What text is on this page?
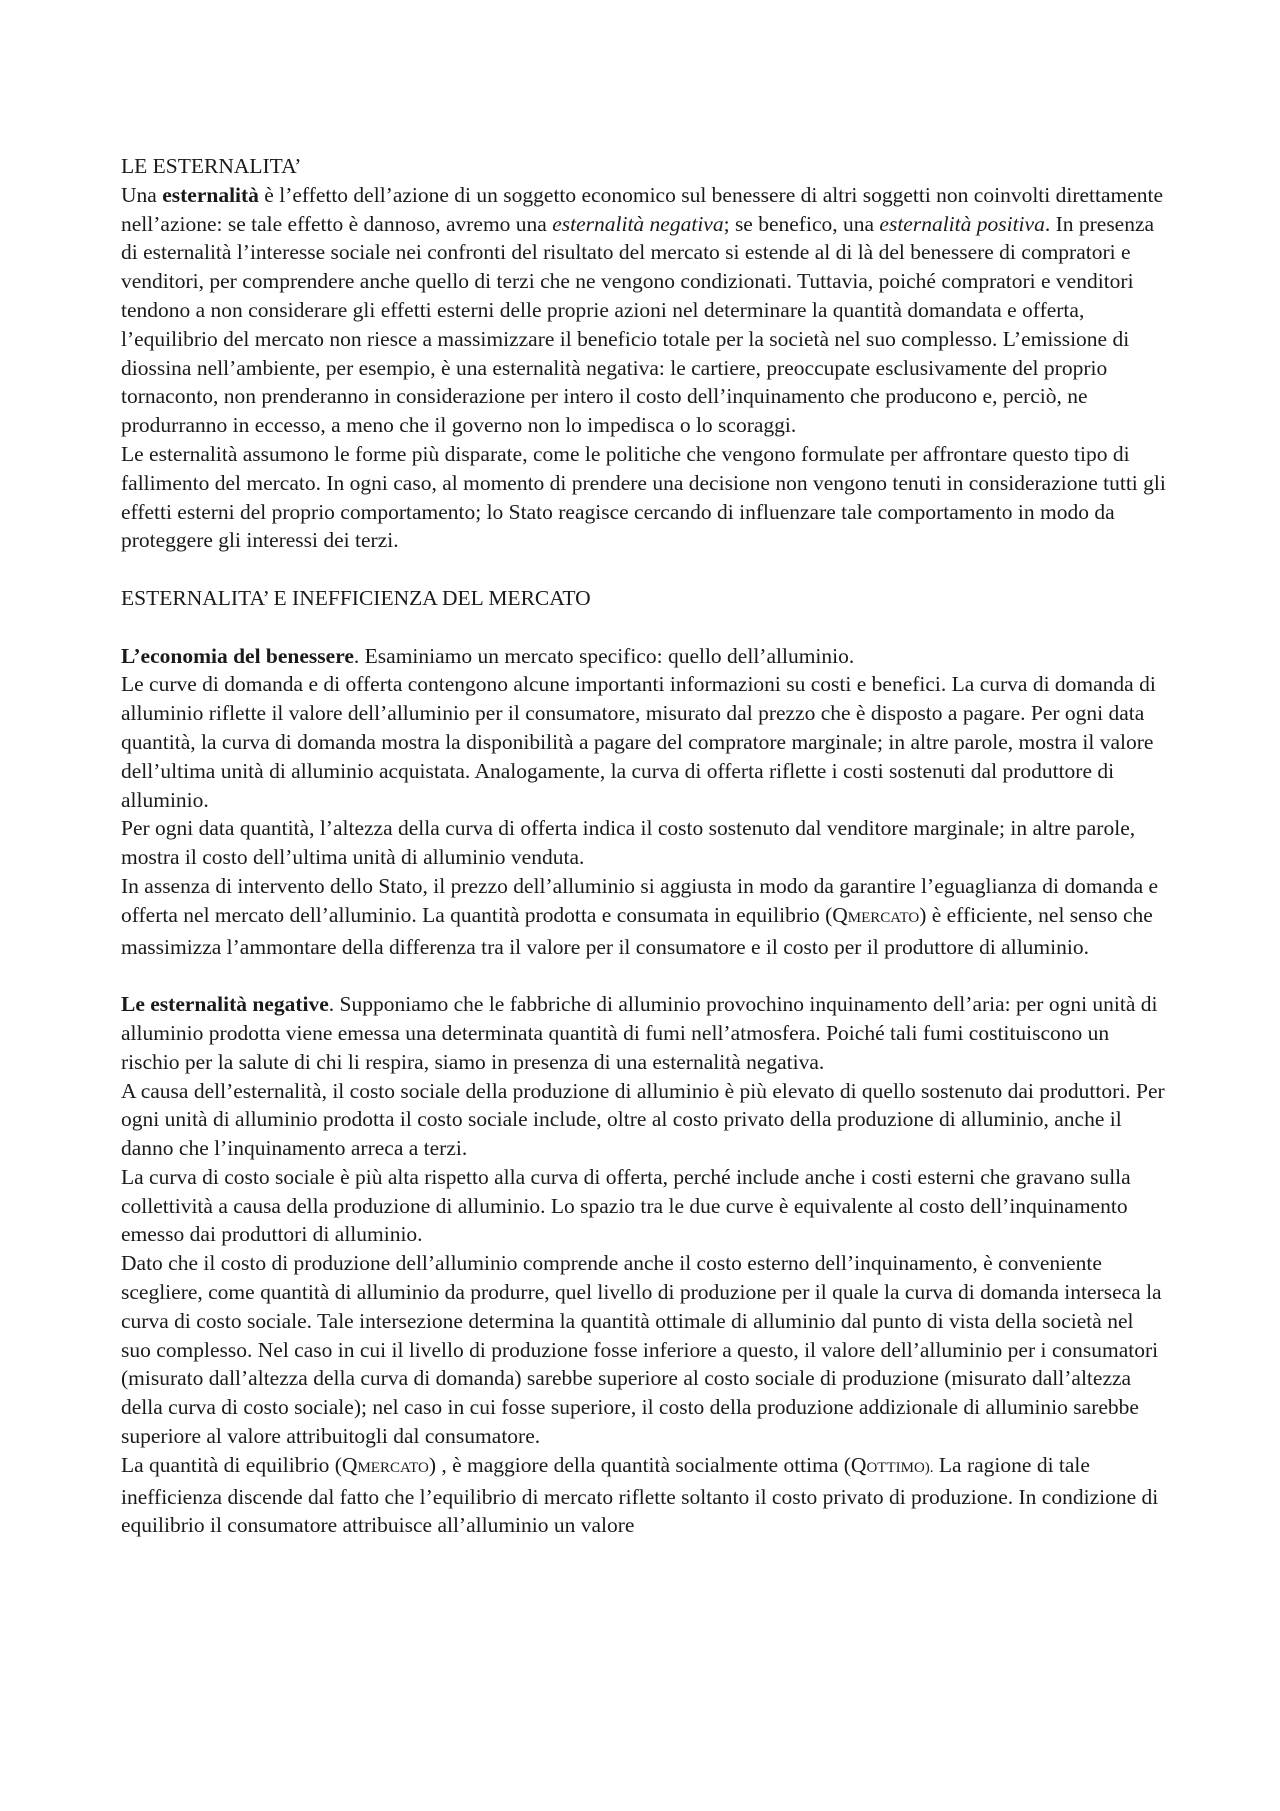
LE ESTERNALITA’

Una esternalità è l’effetto dell’azione di un soggetto economico sul benessere di altri soggetti non coinvolti direttamente nell’azione: se tale effetto è dannoso, avremo una esternalità negativa; se benefico, una esternalità positiva. In presenza di esternalità l’interesse sociale nei confronti del risultato del mercato si estende al di là del benessere di compratori e venditori, per comprendere anche quello di terzi che ne vengono condizionati. Tuttavia, poiché compratori e venditori tendono a non considerare gli effetti esterni delle proprie azioni nel determinare la quantità domandata e offerta, l’equilibrio del mercato non riesce a massimizzare il beneficio totale per la società nel suo complesso. L’emissione di diossina nell’ambiente, per esempio, è una esternalità negativa: le cartiere, preoccupate esclusivamente del proprio tornaconto, non prenderanno in considerazione per intero il costo dell’inquinamento che producono e, perciò, ne produrranno in eccesso, a meno che il governo non lo impedisca o lo scoraggi.

Le esternalità assumono le forme più disparate, come le politiche che vengono formulate per affrontare questo tipo di fallimento del mercato. In ogni caso, al momento di prendere una decisione non vengono tenuti in considerazione tutti gli effetti esterni del proprio comportamento; lo Stato reagisce cercando di influenzare tale comportamento in modo da proteggere gli interessi dei terzi.

ESTERNALITA’ E INEFFICIENZA DEL MERCATO

L’economia del benessere. Esaminiamo un mercato specifico: quello dell’alluminio.

Le curve di domanda e di offerta contengono alcune importanti informazioni su costi e benefici. La curva di domanda di alluminio riflette il valore dell’alluminio per il consumatore, misurato dal prezzo che è disposto a pagare. Per ogni data quantità, la curva di domanda mostra la disponibilità a pagare del compratore marginale; in altre parole, mostra il valore dell’ultima unità di alluminio acquistata. Analogamente, la curva di offerta riflette i costi sostenuti dal produttore di alluminio.

Per ogni data quantità, l’altezza della curva di offerta indica il costo sostenuto dal venditore marginale; in altre parole, mostra il costo dell’ultima unità di alluminio venduta.

In assenza di intervento dello Stato, il prezzo dell’alluminio si aggiusta in modo da garantire l’eguaglianza di domanda e offerta nel mercato dell’alluminio. La quantità prodotta e consumata in equilibrio (QMERCATO) è efficiente, nel senso che massimizza l’ammontare della differenza tra il valore per il consumatore e il costo per il produttore di alluminio.

Le esternalità negative. Supponiamo che le fabbriche di alluminio provochino inquinamento dell’aria: per ogni unità di alluminio prodotta viene emessa una determinata quantità di fumi nell’atmosfera. Poiché tali fumi costituiscono un rischio per la salute di chi li respira, siamo in presenza di una esternalità negativa.

A causa dell’esternalità, il costo sociale della produzione di alluminio è più elevato di quello sostenuto dai produttori. Per ogni unità di alluminio prodotta il costo sociale include, oltre al costo privato della produzione di alluminio, anche il danno che l’inquinamento arreca a terzi.

La curva di costo sociale è più alta rispetto alla curva di offerta, perché include anche i costi esterni che gravano sulla collettività a causa della produzione di alluminio. Lo spazio tra le due curve è equivalente al costo dell’inquinamento emesso dai produttori di alluminio.

Dato che il costo di produzione dell’alluminio comprende anche il costo esterno dell’inquinamento, è conveniente scegliere, come quantità di alluminio da produrre, quel livello di produzione per il quale la curva di domanda interseca la curva di costo sociale. Tale intersezione determina la quantità ottimale di alluminio dal punto di vista della società nel suo complesso. Nel caso in cui il livello di produzione fosse inferiore a questo, il valore dell’alluminio per i consumatori (misurato dall’altezza della curva di domanda) sarebbe superiore al costo sociale di produzione (misurato dall’altezza della curva di costo sociale); nel caso in cui fosse superiore, il costo della produzione addizionale di alluminio sarebbe superiore al valore attribuitogli dal consumatore.

La quantità di equilibrio (QMERCATO) , è maggiore della quantità socialmente ottima (QOTTIMO). La ragione di tale inefficienza discende dal fatto che l’equilibrio di mercato riflette soltanto il costo privato di produzione. In condizione di equilibrio il consumatore attribuisce all’alluminio un valore
